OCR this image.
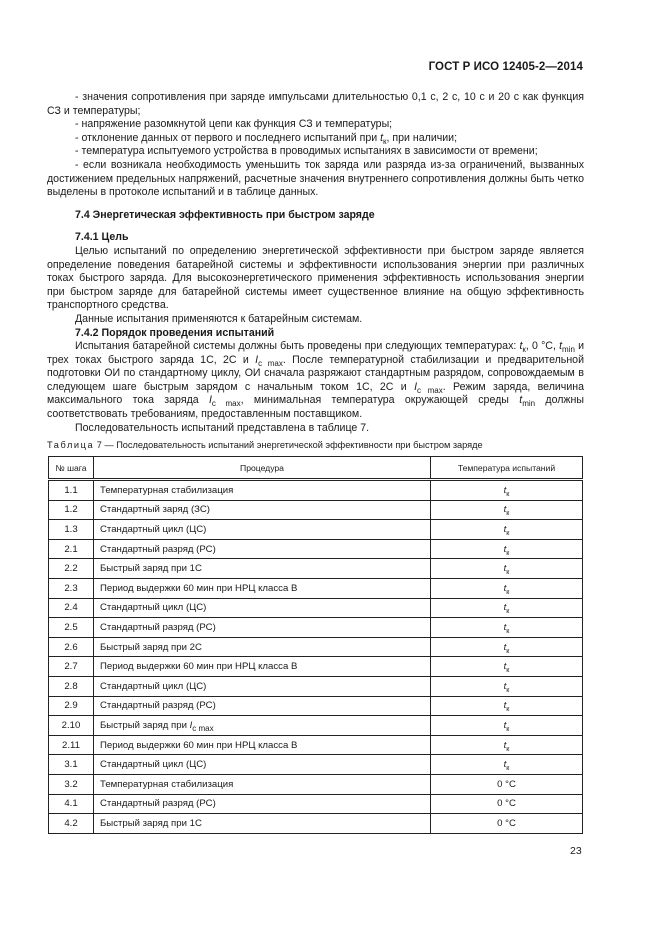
ГОСТ Р ИСО 12405-2—2014

- значения сопротивления при заряде импульсами длительностью 0,1 с, 2 с, 10 с и 20 с как функция СЗ и температуры;

- напряжение разомкнутой цепи как функция СЗ и температуры;

- отклонение данных от первого и последнего испытаний при $t_к$, при наличии;

- температура испытуемого устройства в проводимых испытаниях в зависимости от времени;

- если возникала необходимость уменьшить ток заряда или разряда из-за ограничений, вызванных достижением предельных напряжений, расчетные значения внутреннего сопротивления должны быть четко выделены в протоколе испытаний и в таблице данных.

7.4 Энергетическая эффективность при быстром заряде

7.4.1 Цель

Целью испытаний по определению энергетической эффективности при быстром заряде является определение поведения батарейной системы и эффективности использования энергии при различных токах быстрого заряда. Для высокоэнергетического применения эффективность использования энергии при быстром заряде для батарейной системы имеет существенное влияние на общую эффективность транспортного средства.

Данные испытания применяются к батарейным системам.

7.4.2 Порядок проведения испытаний

Испытания батарейной системы должны быть проведены при следующих температурах: $t_к$, 0 °С, $t_{min}$ и трех токах быстрого заряда 1С, 2С и $I_{c max}$. После температурной стабилизации и предварительной подготовки ОИ по стандартному циклу, ОИ сначала разряжают стандартным разрядом, сопровождаемым в следующем шаге быстрым зарядом с начальным током 1С, 2С и $I_{c max}$. Режим заряда, величина максимального тока заряда $I_{c max}$, минимальная температура окружающей среды $t_{min}$ должны соответствовать требованиям, предоставленным поставщиком.

Последовательность испытаний представлена в таблице 7.

Таблица 7 — Последовательность испытаний энергетической эффективности при быстром заряде
№ шага	Процедура	Температура испытаний
1.1	Температурная стабилизация	$t_к$
1.2	Стандартный заряд (ЗС)	$t_к$
1.3	Стандартный цикл (ЦС)	$t_к$
2.1	Стандартный разряд (РС)	$t_к$
2.2	Быстрый заряд при 1С	$t_к$
2.3	Период выдержки 60 мин при НРЦ класса В	$t_к$
2.4	Стандартный цикл (ЦС)	$t_к$
2.5	Стандартный разряд (РС)	$t_к$
2.6	Быстрый заряд при 2С	$t_к$
2.7	Период выдержки 60 мин при НРЦ класса В	$t_к$
2.8	Стандартный цикл (ЦС)	$t_к$
2.9	Стандартный разряд (РС)	$t_к$
2.10	Быстрый заряд при $I_{c max}$	$t_к$
2.11	Период выдержки 60 мин при НРЦ класса В	$t_к$
3.1	Стандартный цикл (ЦС)	$t_к$
3.2	Температурная стабилизация	0 °С
4.1	Стандартный разряд (РС)	0 °С
4.2	Быстрый заряд при 1С	0 °С
23
